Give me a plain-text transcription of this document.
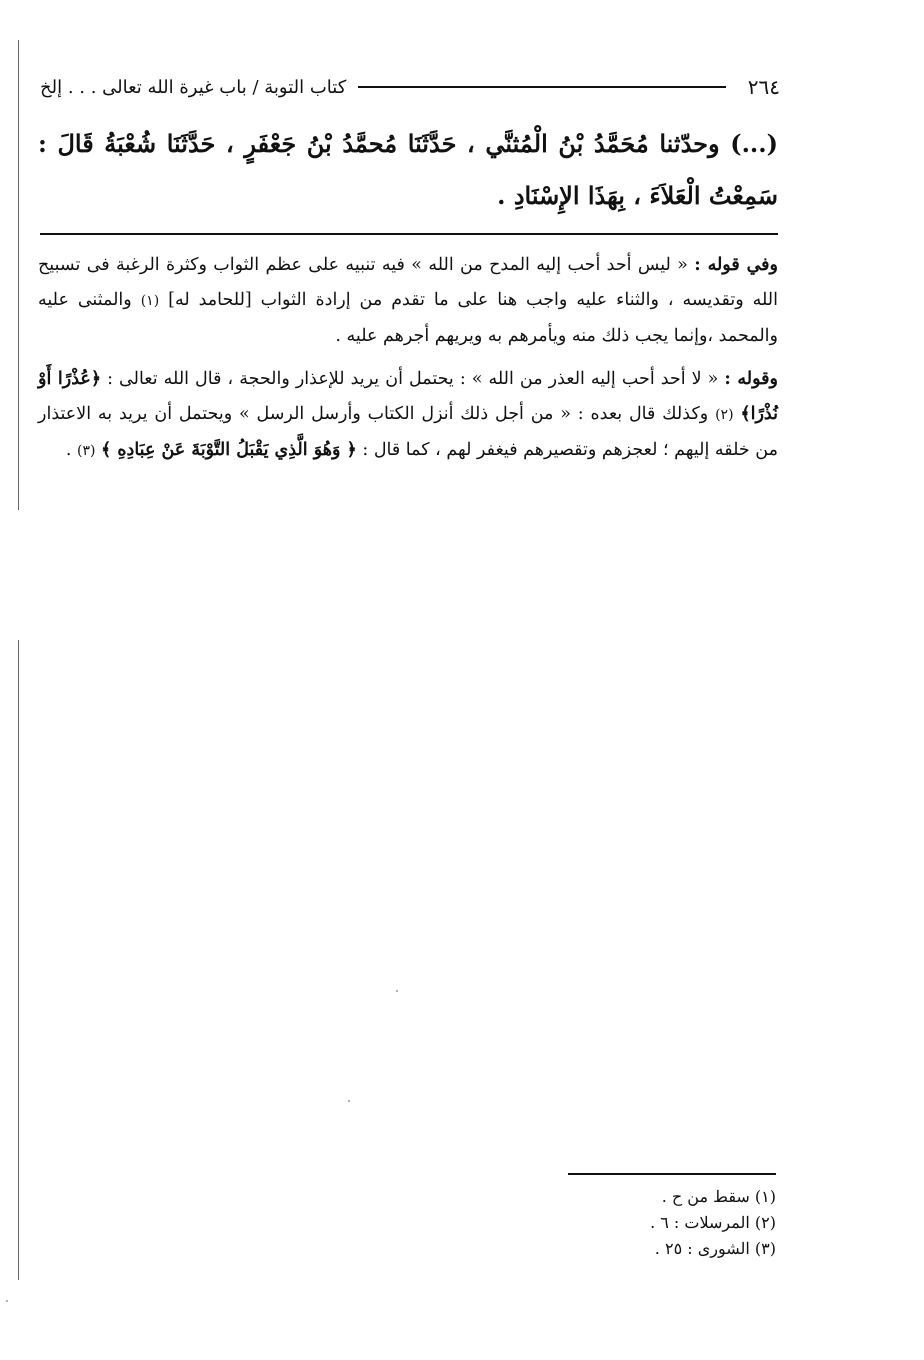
٢٦٤
كتاب التوبة / باب غيرة الله تعالى . . . إلخ
(...) وحدّثنا مُحَمَّدُ بْنُ الْمُثنَّي ، حَدَّثَنَا مُحمَّدُ بْنُ جَعْفَرٍ ، حَدَّثَنَا شُعْبَةُ قَالَ : سَمِعْتُ الْعَلاَءَ ، بِهَذَا الإِسْنَادِ .

وفي قوله : « ليس أحد أحب إليه المدح من الله » فيه تنبيه على عظم الثواب وكثرة الرغبة فى تسبيح الله وتقديسه ، والثناء عليه واجب هنا على ما تقدم من إرادة الثواب [للحامد له] (١) والمثنى عليه والمحمد ،وإنما يجب ذلك منه ويأمرهم به ويريهم أجرهم عليه .

وقوله : « لا أحد أحب إليه العذر من الله » : يحتمل أن يريد للإعذار والحجة ، قال الله تعالى : ﴿عُذْرًا أَوْ نُذْرًا﴾ (٢) وكذلك قال بعده : « من أجل ذلك أنزل الكتاب وأرسل الرسل » ويحتمل أن يريد به الاعتذار من خلقه إليهم ؛ لعجزهم وتقصيرهم فيغفر لهم ، كما قال : ﴿ وَهُوَ الَّذِي يَقْبَلُ التَّوْبَةَ عَنْ عِبَادِهِ ﴾ (٣) .

(١) سقط من ح .
(٢) المرسلات : ٦ .
(٣) الشورى : ٢٥ .
